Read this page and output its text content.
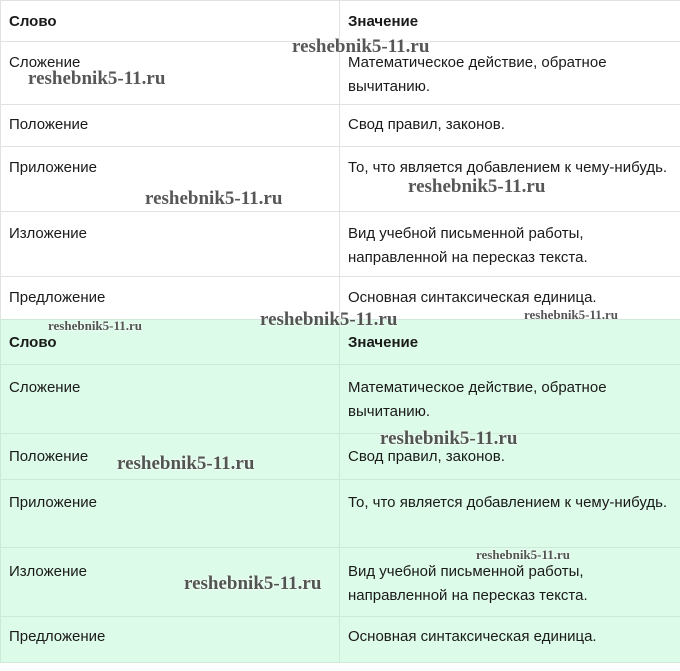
Слово	Значение
Сложение	Математическое действие, обратное вычитанию.
Положение	Свод правил, законов.
Приложение	То, что является добавлением к чему-нибудь.
Изложение	Вид учебной письменной работы, направленной на пересказ текста.
Предложение	Основная синтаксическая единица.
Слово	Значение
Сложение	Математическое действие, обратное вычитанию.
Положение	Свод правил, законов.
Приложение	То, что является добавлением к чему-нибудь.
Изложение	Вид учебной письменной работы, направленной на пересказ текста.
Предложение	Основная синтаксическая единица.
reshebnik5-11.ru
reshebnik5-11.ru
reshebnik5-11.ru
reshebnik5-11.ru
reshebnik5-11.ru
reshebnik5-11.ru
reshebnik5-11.ru
reshebnik5-11.ru
reshebnik5-11.ru
reshebnik5-11.ru
reshebnik5-11.ru
